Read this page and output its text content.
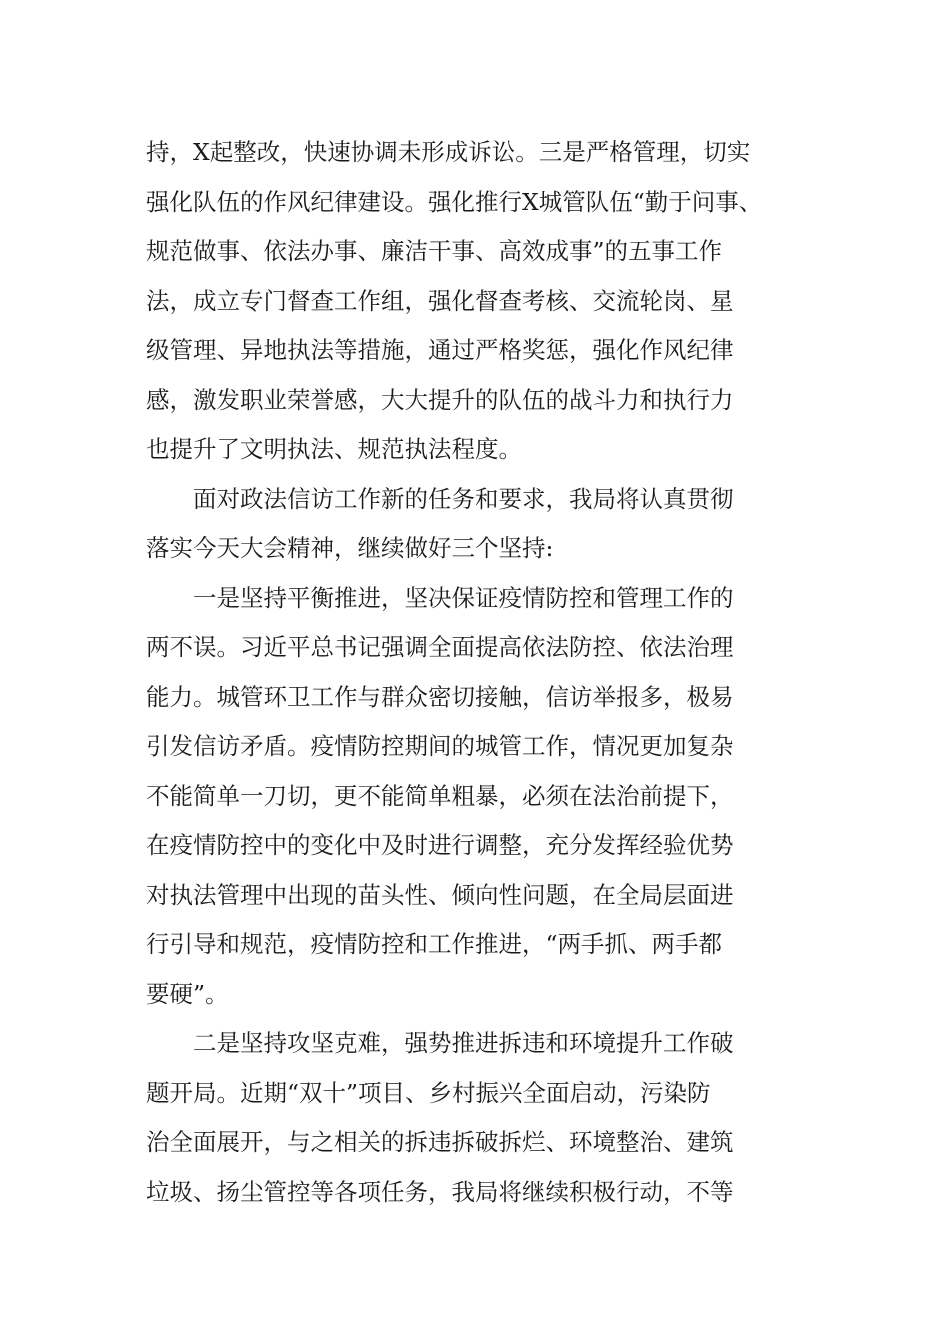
持，X起整改，快速协调未形成诉讼。三是严格管理，切实
强化队伍的作风纪律建设。强化推行X城管队伍“勤于问事、
规范做事、依法办事、廉洁干事、高效成事”的五事工作
法，成立专门督查工作组，强化督查考核、交流轮岗、星
级管理、异地执法等措施，通过严格奖惩，强化作风纪律
感，激发职业荣誉感，大大提升的队伍的战斗力和执行力
也提升了文明执法、规范执法程度。
　　面对政法信访工作新的任务和要求，我局将认真贯彻
落实今天大会精神，继续做好三个坚持:
　　一是坚持平衡推进，坚决保证疫情防控和管理工作的
两不误。习近平总书记强调全面提高依法防控、依法治理
能力。城管环卫工作与群众密切接触，信访举报多，极易
引发信访矛盾。疫情防控期间的城管工作，情况更加复杂
不能简单一刀切，更不能简单粗暴，必须在法治前提下，
在疫情防控中的变化中及时进行调整，充分发挥经验优势
对执法管理中出现的苗头性、倾向性问题，在全局层面进
行引导和规范，疫情防控和工作推进，“两手抓、两手都
要硬”。
　　二是坚持攻坚克难，强势推进拆违和环境提升工作破
题开局。近期“双十”项目、乡村振兴全面启动，污染防
治全面展开，与之相关的拆违拆破拆烂、环境整治、建筑
垃圾、扬尘管控等各项任务，我局将继续积极行动，不等
